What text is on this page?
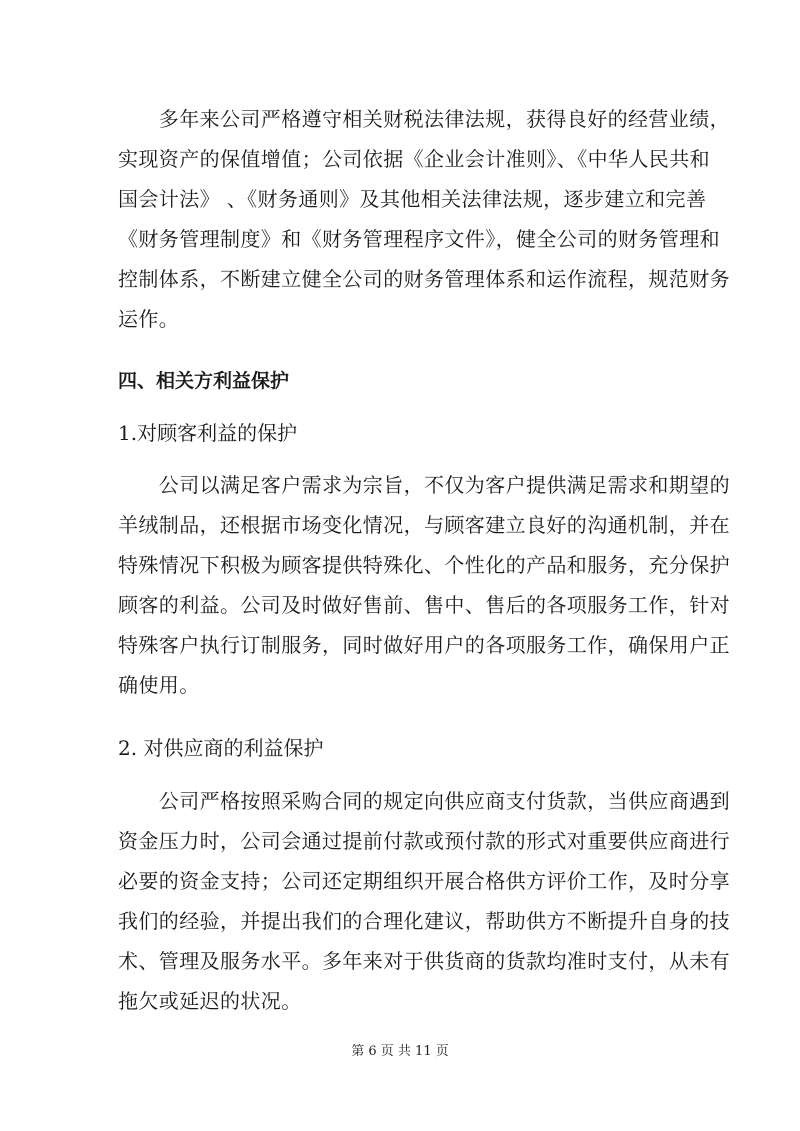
　　多年来公司严格遵守相关财税法律法规，获得良好的经营业绩，
实现资产的保值增值；公司依据《企业会计准则》、《中华人民共和
国会计法》 、《财务通则》及其他相关法律法规，逐步建立和完善
《财务管理制度》和《财务管理程序文件》，健全公司的财务管理和
控制体系，不断建立健全公司的财务管理体系和运作流程，规范财务
运作。
四、相关方利益保护
1.对顾客利益的保护
　　公司以满足客户需求为宗旨，不仅为客户提供满足需求和期望的
羊绒制品，还根据市场变化情况，与顾客建立良好的沟通机制，并在
特殊情况下积极为顾客提供特殊化、个性化的产品和服务，充分保护
顾客的利益。公司及时做好售前、售中、售后的各项服务工作，针对
特殊客户执行订制服务，同时做好用户的各项服务工作，确保用户正
确使用。
2. 对供应商的利益保护
　　公司严格按照采购合同的规定向供应商支付货款，当供应商遇到
资金压力时，公司会通过提前付款或预付款的形式对重要供应商进行
必要的资金支持；公司还定期组织开展合格供方评价工作，及时分享
我们的经验，并提出我们的合理化建议，帮助供方不断提升自身的技
术、管理及服务水平。多年来对于供货商的货款均准时支付，从未有
拖欠或延迟的状况。
第 6 页 共 11 页
